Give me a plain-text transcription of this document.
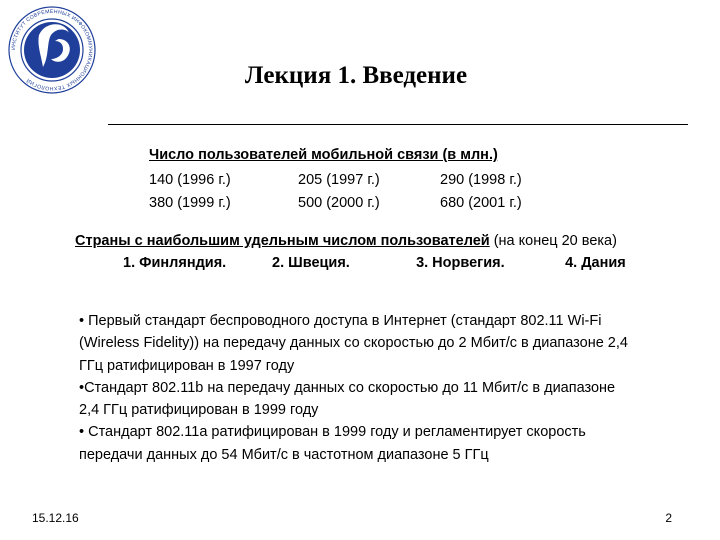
ИНСТИТУТ СОВРЕМЕННЫХ ИНФОКОММУНИКАЦИОННЫХ ТЕХНОЛОГИЙ	Лекция 1. Введение
Число пользователей мобильной связи (в млн.)
140 (1996 г.)	205 (1997 г.)	290 (1998 г.)
380 (1999 г.)	500 (2000 г.)	680 (2001 г.)
Страны с наибольшим удельным числом пользователей (на конец 20 века)
1. Финляндия.	2. Швеция.	3. Норвегия.	4. Дания

• Первый стандарт беспроводного доступа в Интернет (стандарт 802.11 Wi-Fi (Wireless Fidelity)) на передачу данных со скоростью до 2 Мбит/с в диапазоне 2,4 ГГц ратифицирован в 1997 году

•Стандарт 802.11b на передачу данных со скоростью до 11 Мбит/с в диапазоне 2,4 ГГц ратифицирован в 1999 году

• Стандарт 802.11a ратифицирован в 1999 году и регламентирует скорость передачи данных до 54 Мбит/с в частотном диапазоне 5 ГГц

15.12.16	2
